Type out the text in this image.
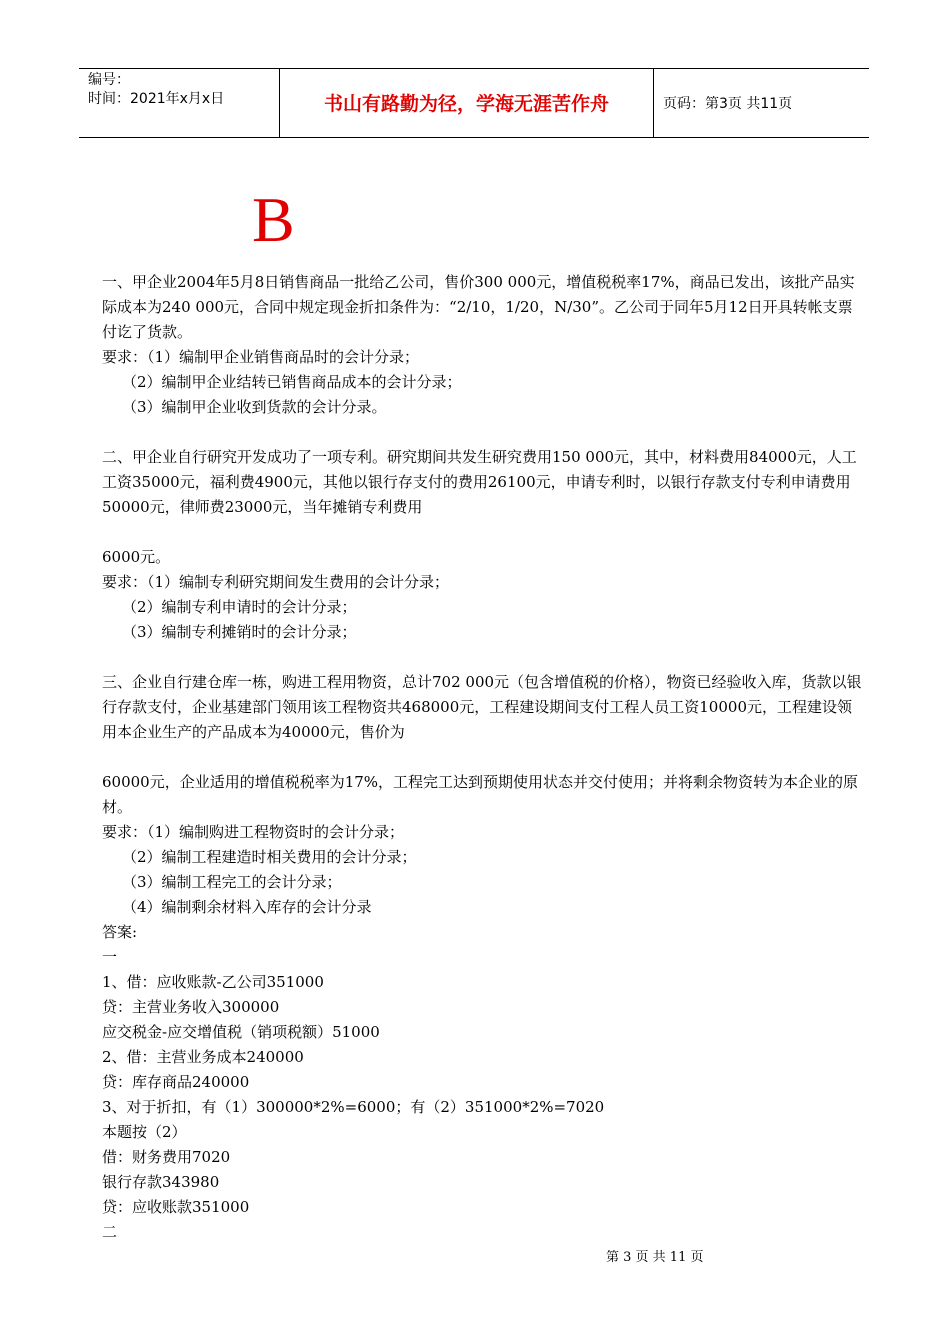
编号：
时间：2021年x月x日	书山有路勤为径，学海无涯苦作舟	页码：第3页 共11页
B

一、甲企业2004年5月8日销售商品一批给乙公司，售价300 000元，增值税税率17%，商品已发出，该批产品实际成本为240 000元，合同中规定现金折扣条件为：“2/10，1/20，N/30”。乙公司于同年5月12日开具转帐支票付讫了货款。

要求：（1）编制甲企业销售商品时的会计分录；

（2）编制甲企业结转已销售商品成本的会计分录；

（3）编制甲企业收到货款的会计分录。

二、甲企业自行研究开发成功了一项专利。研究期间共发生研究费用150 000元，其中，材料费用84000元，人工工资35000元，福利费4900元，其他以银行存支付的费用26100元，申请专利时，以银行存款支付专利申请费用50000元，律师费23000元，当年摊销专利费用

6000元。

要求：（1）编制专利研究期间发生费用的会计分录；

（2）编制专利申请时的会计分录；

（3）编制专利摊销时的会计分录；

三、企业自行建仓库一栋，购进工程用物资，总计702 000元（包含增值税的价格），物资已经验收入库，货款以银行存款支付，企业基建部门领用该工程物资共468000元，工程建设期间支付工程人员工资10000元，工程建设领用本企业生产的产品成本为40000元，售价为

60000元，企业适用的增值税税率为17%，工程完工达到预期使用状态并交付使用；并将剩余物资转为本企业的原材。

要求：（1）编制购进工程物资时的会计分录；

（2）编制工程建造时相关费用的会计分录；

（3）编制工程完工的会计分录；

（4）编制剩余材料入库存的会计分录

答案:

一

1、借：应收账款-乙公司351000

贷：主营业务收入300000

应交税金-应交增值税（销项税额）51000

2、借：主营业务成本240000

贷：库存商品240000

3、对于折扣，有（1）300000*2%=6000；有（2）351000*2%=7020

本题按（2）

借：财务费用7020

银行存款343980

贷：应收账款351000

二

第 3 页 共 11 页
